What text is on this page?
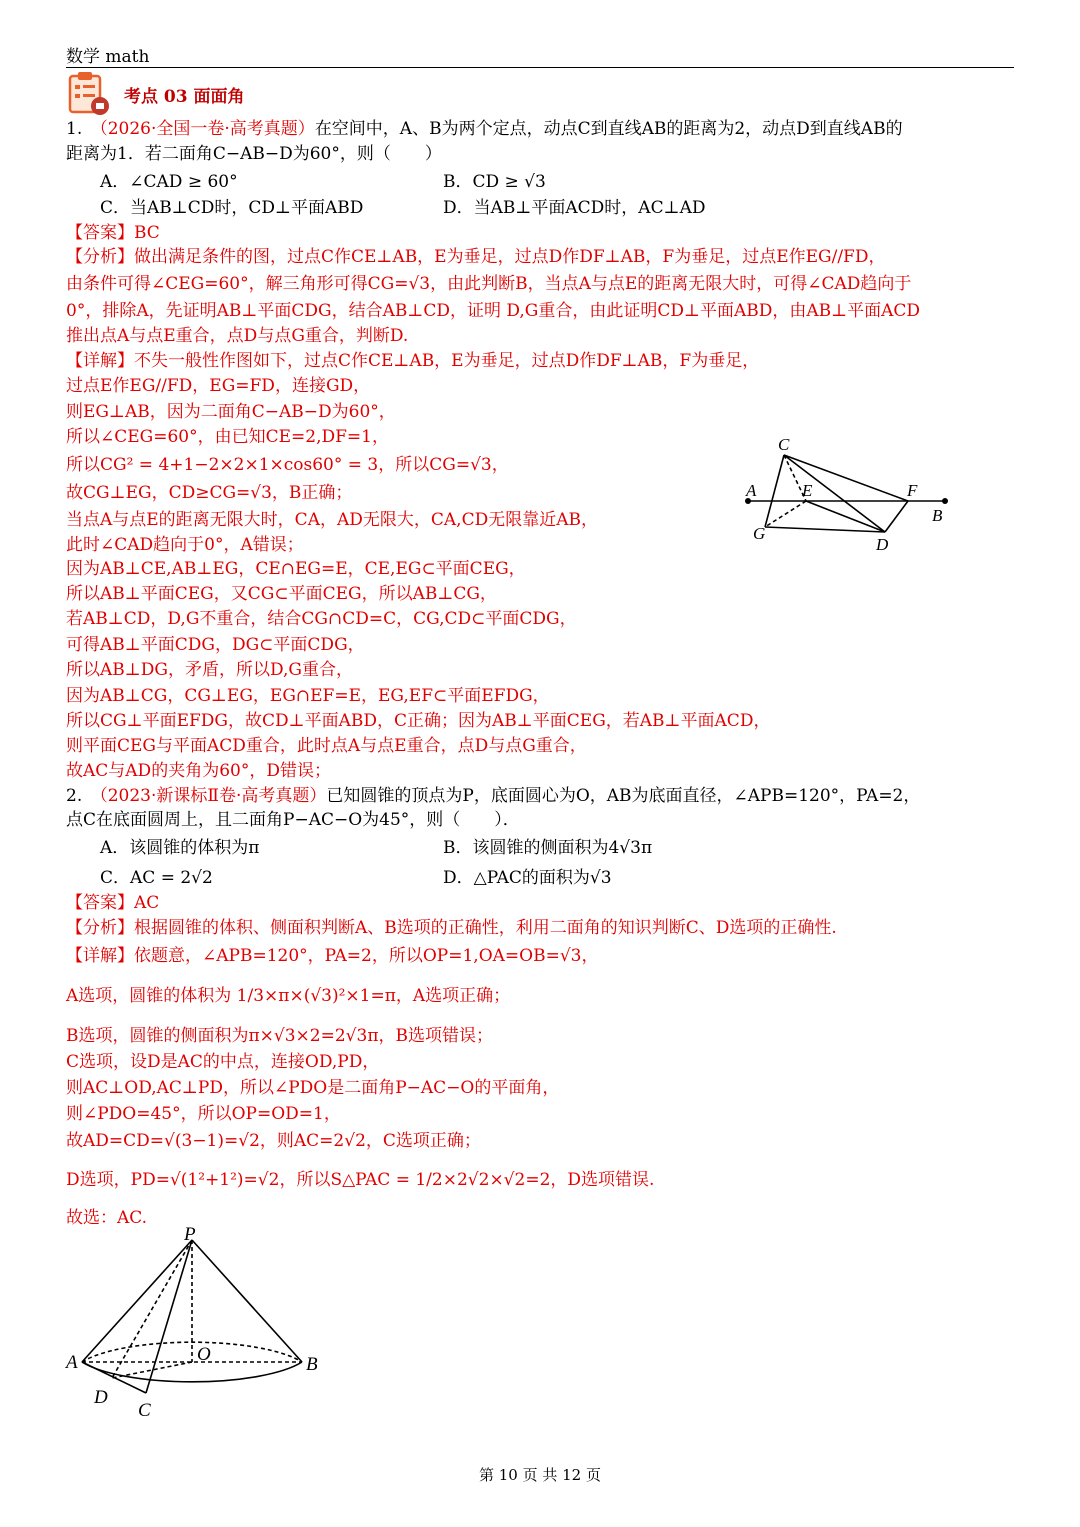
数学 math
考点 03 面面角
1.　（2026·全国一卷·高考真题）在空间中，A、B为两个定点，动点C到直线AB的距离为2，动点D到直线AB的
距离为1．若二面角C−AB−D为60°，则（　　）
A．∠CAD ≥ 60°	B．CD ≥ √3
C．当AB⊥CD时，CD⊥平面ABD	D．当AB⊥平面ACD时，AC⊥AD
【答案】BC
【分析】做出满足条件的图，过点C作CE⊥AB，E为垂足，过点D作DF⊥AB，F为垂足，过点E作EG//FD，
由条件可得∠CEG=60°，解三角形可得CG=√3，由此判断B，当点A与点E的距离无限大时，可得∠CAD趋向于
0°，排除A，先证明AB⊥平面CDG，结合AB⊥CD，证明 D,G重合，由此证明CD⊥平面ABD，由AB⊥平面ACD
推出点A与点E重合，点D与点G重合，判断D.
【详解】不失一般性作图如下，过点C作CE⊥AB，E为垂足，过点D作DF⊥AB，F为垂足，
过点E作EG//FD，EG=FD，连接GD，
则EG⊥AB，因为二面角C−AB−D为60°，
所以∠CEG=60°，由已知CE=2,DF=1，
所以CG² = 4+1−2×2×1×cos60° = 3，所以CG=√3，
故CG⊥EG，CD≥CG=√3，B正确；
当点A与点E的距离无限大时，CA，AD无限大，CA,CD无限靠近AB，
此时∠CAD趋向于0°，A错误；
因为AB⊥CE,AB⊥EG，CE∩EG=E，CE,EG⊂平面CEG，
所以AB⊥平面CEG，又CG⊂平面CEG，所以AB⊥CG，
若AB⊥CD，D,G不重合，结合CG∩CD=C，CG,CD⊂平面CDG，
可得AB⊥平面CDG，DG⊂平面CDG，
所以AB⊥DG，矛盾，所以D,G重合，
因为AB⊥CG，CG⊥EG，EG∩EF=E，EG,EF⊂平面EFDG，
所以CG⊥平面EFDG，故CD⊥平面ABD，C正确；因为AB⊥平面CEG，若AB⊥平面ACD，
则平面CEG与平面ACD重合，此时点A与点E重合，点D与点G重合，
故AC与AD的夹角为60°，D错误；
C
A	E	F
B
G
D
2.　（2023·新课标Ⅱ卷·高考真题）已知圆锥的顶点为P，底面圆心为O，AB为底面直径，∠APB=120°，PA=2，
点C在底面圆周上，且二面角P−AC−O为45°，则（　　）．
A．该圆锥的体积为π	B．该圆锥的侧面积为4√3π
C．AC = 2√2	D．△PAC的面积为√3
【答案】AC
【分析】根据圆锥的体积、侧面积判断A、B选项的正确性，利用二面角的知识判断C、D选项的正确性.
【详解】依题意，∠APB=120°，PA=2，所以OP=1,OA=OB=√3，
A选项，圆锥的体积为 1/3×π×(√3)²×1=π，A选项正确；
B选项，圆锥的侧面积为π×√3×2=2√3π，B选项错误；
C选项，设D是AC的中点，连接OD,PD，
则AC⊥OD,AC⊥PD，所以∠PDO是二面角P−AC−O的平面角，
则∠PDO=45°，所以OP=OD=1，
故AD=CD=√(3−1)=√2，则AC=2√2，C选项正确；
D选项，PD=√(1²+1²)=√2，所以S△PAC = 1/2×2√2×√2=2，D选项错误.
故选：AC.
P
A	O	B
D
C
第 10 页 共 12 页
